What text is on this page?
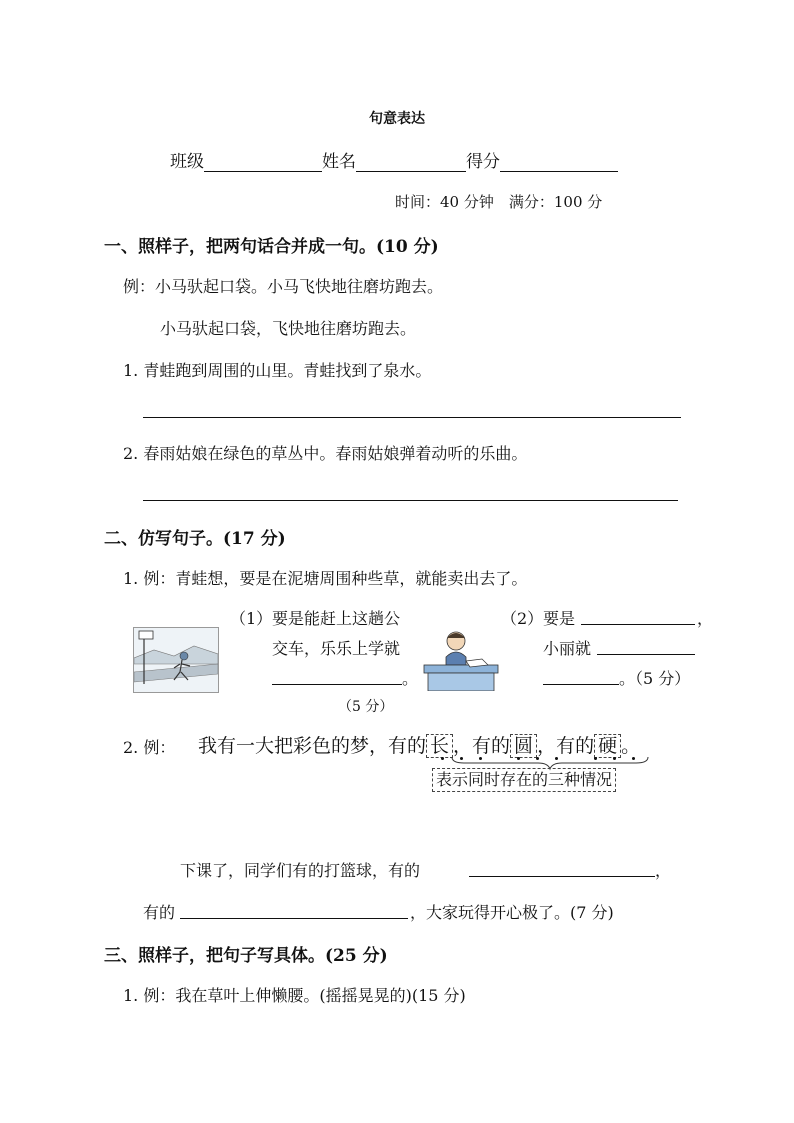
句意表达
班级	姓名	得分
时间：40 分钟　满分：100 分
一、照样子，把两句话合并成一句。(10 分)
例：小马驮起口袋。小马飞快地往磨坊跑去。
小马驮起口袋，飞快地往磨坊跑去。
1. 青蛙跑到周围的山里。青蛙找到了泉水。
2. 春雨姑娘在绿色的草丛中。春雨姑娘弹着动听的乐曲。
二、仿写句子。(17 分)
1. 例：青蛙想，要是在泥塘周围种些草，就能卖出去了。
（1） 要是能赶上这趟公
交车，乐乐上学就
。
（5 分）
（2） 要是	，
小丽就
。（5 分）
2. 例： 我有一大把彩色的梦，有的 长 ，有的 圆 ，有的 硬 。
表示同时存在的三种情况
下课了，同学们有的打篮球，有的	，
有的	，大家玩得开心极了。(7 分)
三、照样子，把句子写具体。(25 分)
1. 例：我在草叶上伸懒腰。(摇摇晃晃的)(15 分)
